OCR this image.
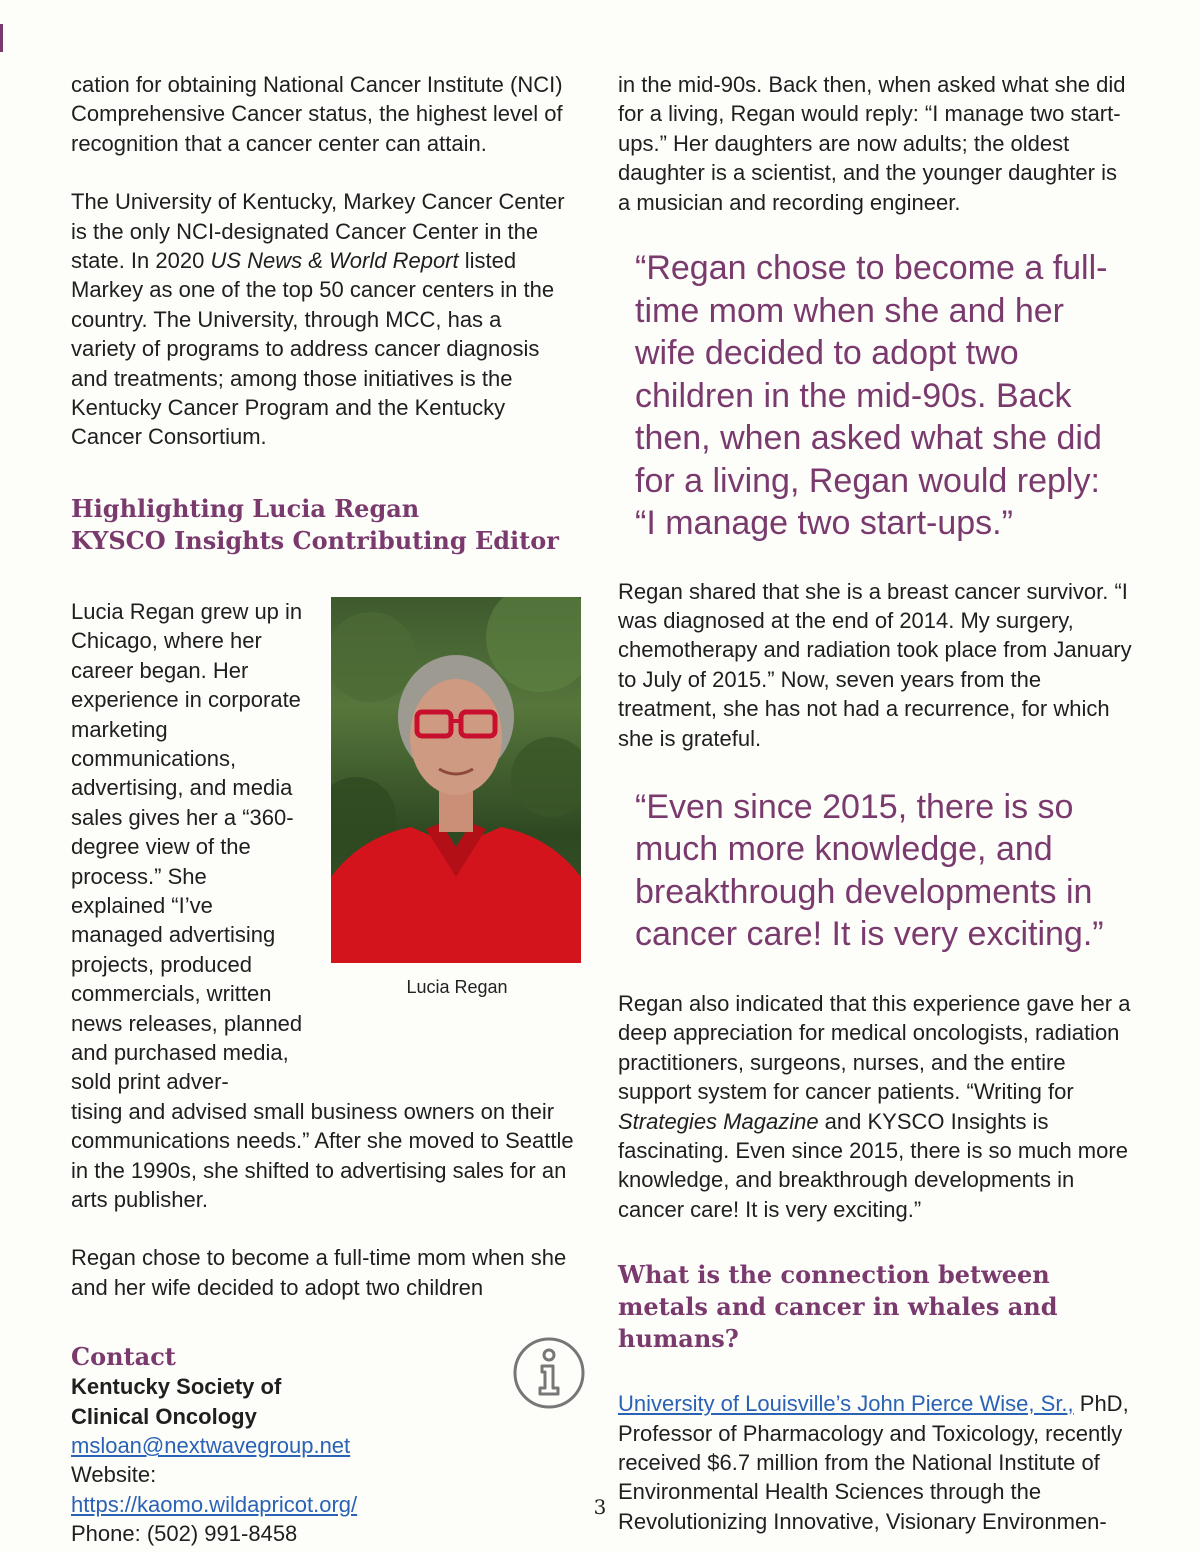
cation for obtaining National Cancer Institute (NCI) Comprehensive Cancer status, the highest level of recognition that a cancer center can attain.

The University of Kentucky, Markey Cancer Center is the only NCI-designated Cancer Center in the state. In 2020 US News & World Report listed Markey as one of the top 50 cancer centers in the country. The University, through MCC, has a variety of programs to address cancer diagnosis and treatments; among those initiatives is the Kentucky Cancer Program and the Kentucky Cancer Consortium.

Highlighting Lucia Regan
KYSCO Insights Contributing Editor
Lucia Regan

Lucia Regan grew up in Chicago, where her career began. Her experience in corporate marketing communications, advertising, and media sales gives her a “360-degree view of the process.” She explained “I’ve managed advertising projects, produced commercials, written news releases, planned and purchased media, sold print adver-

tising and advised small business owners on their communications needs.” After she moved to Seattle in the 1990s, she shifted to advertising sales for an arts publisher.

Regan chose to become a full-time mom when she and her wife decided to adopt two children

Contact

Kentucky Society of

Clinical Oncology

msloan@nextwavegroup.net

Website:

https://kaomo.wildapricot.org/

Phone: (502) 991-8458

in the mid-90s. Back then, when asked what she did for a living, Regan would reply: “I manage two start-ups.” Her daughters are now adults; the oldest daughter is a scientist, and the younger daughter is a musician and recording engineer.

“Regan chose to become a full-time mom when she and her wife decided to adopt two children in the mid-90s. Back then, when asked what she did for a living, Regan would reply:
“I manage two start-ups.”

Regan shared that she is a breast cancer survivor. “I was diagnosed at the end of 2014. My surgery, chemotherapy and radiation took place from January to July of 2015.” Now, seven years from the treatment, she has not had a recurrence, for which she is grateful.

“Even since 2015, there is so much more knowledge, and breakthrough developments in cancer care! It is very exciting.”

Regan also indicated that this experience gave her a deep appreciation for medical oncologists, radiation practitioners, surgeons, nurses, and the entire support system for cancer patients. “Writing for Strategies Magazine and KYSCO Insights is fascinating. Even since 2015, there is so much more knowledge, and breakthrough developments in cancer care! It is very exciting.”

What is the connection between metals and cancer in whales and humans?

University of Louisville’s John Pierce Wise, Sr., PhD, Professor of Pharmacology and Toxicology, recently received $6.7 million from the National Institute of Environmental Health Sciences through the Revolutionizing Innovative, Visionary Environmen-

3
